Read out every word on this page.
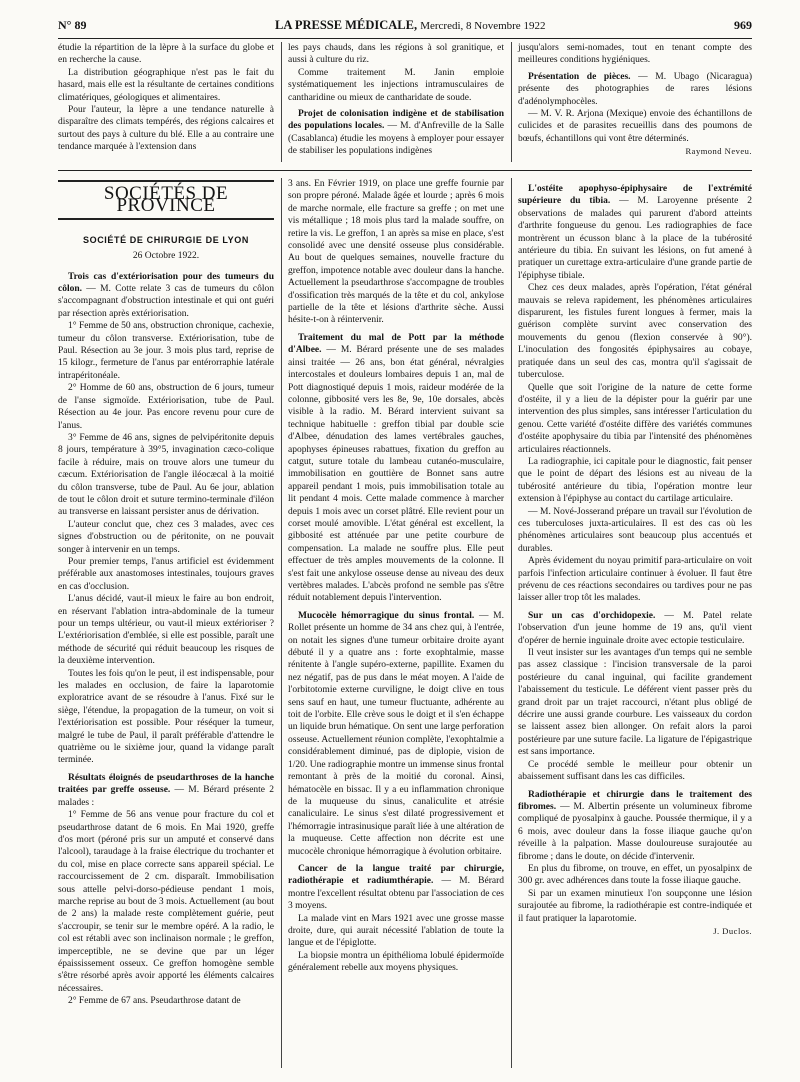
N° 89	LA PRESSE MÉDICALE, Mercredi, 8 Novembre 1922	969

étudie la répartition de la lèpre à la surface du globe et en recherche la cause.

La distribution géographique n'est pas le fait du hasard, mais elle est la résultante de certaines conditions climatériques, géologiques et alimentaires.

Pour l'auteur, la lèpre a une tendance naturelle à disparaître des climats tempérés, des régions calcaires et surtout des pays à culture du blé. Elle a au contraire une tendance marquée à l'extension dans

les pays chauds, dans les régions à sol granitique, et aussi à culture du riz.

Comme traitement M. Janin emploie systématiquement les injections intramusculaires de cantharidine ou mieux de cantharidate de soude.

Projet de colonisation indigène et de stabilisation des populations locales. — M. d'Anfreville de la Salle (Casablanca) étudie les moyens à employer pour essayer de stabiliser les populations indigènes

jusqu'alors semi-nomades, tout en tenant compte des meilleures conditions hygiéniques.

Présentation de pièces. — M. Ubago (Nicaragua) présente des photographies de rares lésions d'adénolymphocèles.

— M. V. R. Arjona (Mexique) envoie des échantillons de culicides et de parasites recueillis dans des poumons de bœufs, échantillons qui vont être déterminés.

Raymond Neveu.
SOCIÉTÉS DE PROVINCE
SOCIÉTÉ DE CHIRURGIE DE LYON
26 Octobre 1922.

Trois cas d'extériorisation pour des tumeurs du côlon. — M. Cotte relate 3 cas de tumeurs du côlon s'accompagnant d'obstruction intestinale et qui ont guéri par résection après extériorisation.

1° Femme de 50 ans, obstruction chronique, cachexie, tumeur du côlon transverse. Extériorisation, tube de Paul. Résection au 3e jour. 3 mois plus tard, reprise de 15 kilogr., fermeture de l'anus par entérorraphie latérale intrapéritonéale.

2° Homme de 60 ans, obstruction de 6 jours, tumeur de l'anse sigmoïde. Extériorisation, tube de Paul. Résection au 4e jour. Pas encore revenu pour cure de l'anus.

3° Femme de 46 ans, signes de pelvipéritonite depuis 8 jours, température à 39°5, invagination cæco-colique facile à réduire, mais on trouve alors une tumeur du cæcum. Extériorisation de l'angle iléocæcal à la moitié du côlon transverse, tube de Paul. Au 6e jour, ablation de tout le côlon droit et suture termino-terminale d'iléon au transverse en laissant persister anus de dérivation.

L'auteur conclut que, chez ces 3 malades, avec ces signes d'obstruction ou de péritonite, on ne pouvait songer à intervenir en un temps.

Pour premier temps, l'anus artificiel est évidemment préférable aux anastomoses intestinales, toujours graves en cas d'occlusion.

L'anus décidé, vaut-il mieux le faire au bon endroit, en réservant l'ablation intra-abdominale de la tumeur pour un temps ultérieur, ou vaut-il mieux extérioriser ? L'extériorisation d'emblée, si elle est possible, paraît une méthode de sécurité qui réduit beaucoup les risques de la deuxième intervention.

Toutes les fois qu'on le peut, il est indispensable, pour les malades en occlusion, de faire la laparotomie exploratrice avant de se résoudre à l'anus. Fixé sur le siège, l'étendue, la propagation de la tumeur, on voit si l'extériorisation est possible. Pour réséquer la tumeur, malgré le tube de Paul, il paraît préférable d'attendre le quatrième ou le sixième jour, quand la vidange paraît terminée.

Résultats éloignés de pseudarthroses de la hanche traitées par greffe osseuse. — M. Bérard présente 2 malades :

1° Femme de 56 ans venue pour fracture du col et pseudarthrose datant de 6 mois. En Mai 1920, greffe d'os mort (péroné pris sur un amputé et conservé dans l'alcool), taraudage à la fraise électrique du trochanter et du col, mise en place correcte sans appareil spécial. Le raccourcissement de 2 cm. disparaît. Immobilisation sous attelle pelvi-dorso-pédieuse pendant 1 mois, marche reprise au bout de 3 mois. Actuellement (au bout de 2 ans) la malade reste complètement guérie, peut s'accroupir, se tenir sur le membre opéré. A la radio, le col est rétabli avec son inclinaison normale ; le greffon, imperceptible, ne se devine que par un léger épaississement osseux. Ce greffon homogène semble s'être résorbé après avoir apporté les éléments calcaires nécessaires.

2° Femme de 67 ans. Pseudarthrose datant de

3 ans. En Février 1919, on place une greffe fournie par son propre péroné. Malade âgée et lourde ; après 6 mois de marche normale, elle fracture sa greffe ; on met une vis métallique ; 18 mois plus tard la malade souffre, on retire la vis. Le greffon, 1 an après sa mise en place, s'est consolidé avec une densité osseuse plus considérable. Au bout de quelques semaines, nouvelle fracture du greffon, impotence notable avec douleur dans la hanche. Actuellement la pseudarthrose s'accompagne de troubles d'ossification très marqués de la tête et du col, ankylose partielle de la tête et lésions d'arthrite sèche. Aussi hésite-t-on à réintervenir.

Traitement du mal de Pott par la méthode d'Albee. — M. Bérard présente une de ses malades ainsi traitée — 26 ans, bon état général, névralgies intercostales et douleurs lombaires depuis 1 an, mal de Pott diagnostiqué depuis 1 mois, raideur modérée de la colonne, gibbosité vers les 8e, 9e, 10e dorsales, abcès visible à la radio. M. Bérard intervient suivant sa technique habituelle : greffon tibial par double scie d'Albee, dénudation des lames vertébrales gauches, apophyses épineuses rabattues, fixation du greffon au catgut, suture totale du lambeau cutanéo-musculaire, immobilisation en gouttière de Bonnet sans autre appareil pendant 1 mois, puis immobilisation totale au lit pendant 4 mois. Cette malade commence à marcher depuis 1 mois avec un corset plâtré. Elle revient pour un corset moulé amovible. L'état général est excellent, la gibbosité est atténuée par une petite courbure de compensation. La malade ne souffre plus. Elle peut effectuer de très amples mouvements de la colonne. Il s'est fait une ankylose osseuse dense au niveau des deux vertèbres malades. L'abcès profond ne semble pas s'être réduit notablement depuis l'intervention.

Mucocèle hémorragique du sinus frontal. — M. Rollet présente un homme de 34 ans chez qui, à l'entrée, on notait les signes d'une tumeur orbitaire droite ayant débuté il y a quatre ans : forte exophtalmie, masse rénitente à l'angle supéro-externe, papillite. Examen du nez négatif, pas de pus dans le méat moyen. A l'aide de l'orbitotomie externe curviligne, le doigt clive en tous sens sauf en haut, une tumeur fluctuante, adhérente au toit de l'orbite. Elle crève sous le doigt et il s'en échappe un liquide brun hématique. On sent une large perforation osseuse. Actuellement réunion complète, l'exophtalmie a considérablement diminué, pas de diplopie, vision de 1/20. Une radiographie montre un immense sinus frontal remontant à près de la moitié du coronal. Ainsi, hématocèle en bissac. Il y a eu inflammation chronique de la muqueuse du sinus, canaliculite et atrésie canaliculaire. Le sinus s'est dilaté progressivement et l'hémorragie intrasinusique paraît liée à une altération de la muqueuse. Cette affection non décrite est une mucocèle chronique hémorragique à évolution orbitaire.

Cancer de la langue traité par chirurgie, radiothérapie et radiumthérapie. — M. Bérard montre l'excellent résultat obtenu par l'association de ces 3 moyens.

La malade vint en Mars 1921 avec une grosse masse droite, dure, qui aurait nécessité l'ablation de toute la langue et de l'épiglotte.

La biopsie montra un épithélioma lobulé épidermoïde généralement rebelle aux moyens physiques.

L'ostéite apophyso-épiphysaire de l'extrémité supérieure du tibia. — M. Laroyenne présente 2 observations de malades qui parurent d'abord atteints d'arthrite fongueuse du genou. Les radiographies de face montrèrent un écusson blanc à la place de la tubérosité antérieure du tibia. En suivant les lésions, on fut amené à pratiquer un curettage extra-articulaire d'une grande partie de l'épiphyse tibiale.

Chez ces deux malades, après l'opération, l'état général mauvais se releva rapidement, les phénomènes articulaires disparurent, les fistules furent longues à fermer, mais la guérison complète survint avec conservation des mouvements du genou (flexion conservée à 90°). L'inoculation des fongosités épiphysaires au cobaye, pratiquée dans un seul des cas, montra qu'il s'agissait de tuberculose.

Quelle que soit l'origine de la nature de cette forme d'ostéite, il y a lieu de la dépister pour la guérir par une intervention des plus simples, sans intéresser l'articulation du genou. Cette variété d'ostéite diffère des variétés communes d'ostéite apophysaire du tibia par l'intensité des phénomènes articulaires réactionnels.

La radiographie, ici capitale pour le diagnostic, fait penser que le point de départ des lésions est au niveau de la tubérosité antérieure du tibia, l'opération montre leur extension à l'épiphyse au contact du cartilage articulaire.

— M. Nové-Josserand prépare un travail sur l'évolution de ces tuberculoses juxta-articulaires. Il est des cas où les phénomènes articulaires sont beaucoup plus accentués et durables.

Après évidement du noyau primitif para-articulaire on voit parfois l'infection articulaire continuer à évoluer. Il faut être prévenu de ces réactions secondaires ou tardives pour ne pas laisser aller trop tôt les malades.

Sur un cas d'orchidopexie. — M. Patel relate l'observation d'un jeune homme de 19 ans, qu'il vient d'opérer de hernie inguinale droite avec ectopie testiculaire.

Il veut insister sur les avantages d'un temps qui ne semble pas assez classique : l'incision transversale de la paroi postérieure du canal inguinal, qui facilite grandement l'abaissement du testicule. Le déférent vient passer près du grand droit par un trajet raccourci, n'étant plus obligé de décrire une aussi grande courbure. Les vaisseaux du cordon se laissent assez bien allonger. On refait alors la paroi postérieure par une suture facile. La ligature de l'épigastrique est sans importance.

Ce procédé semble le meilleur pour obtenir un abaissement suffisant dans les cas difficiles.

Radiothérapie et chirurgie dans le traitement des fibromes. — M. Albertin présente un volumineux fibrome compliqué de pyosalpinx à gauche. Poussée thermique, il y a 6 mois, avec douleur dans la fosse iliaque gauche qu'on réveille à la palpation. Masse douloureuse surajoutée au fibrome ; dans le doute, on décide d'intervenir.

En plus du fibrome, on trouve, en effet, un pyosalpinx de 300 gr. avec adhérences dans toute la fosse iliaque gauche.

Si par un examen minutieux l'on soupçonne une lésion surajoutée au fibrome, la radiothérapie est contre-indiquée et il faut pratiquer la laparotomie.

J. Duclos.
